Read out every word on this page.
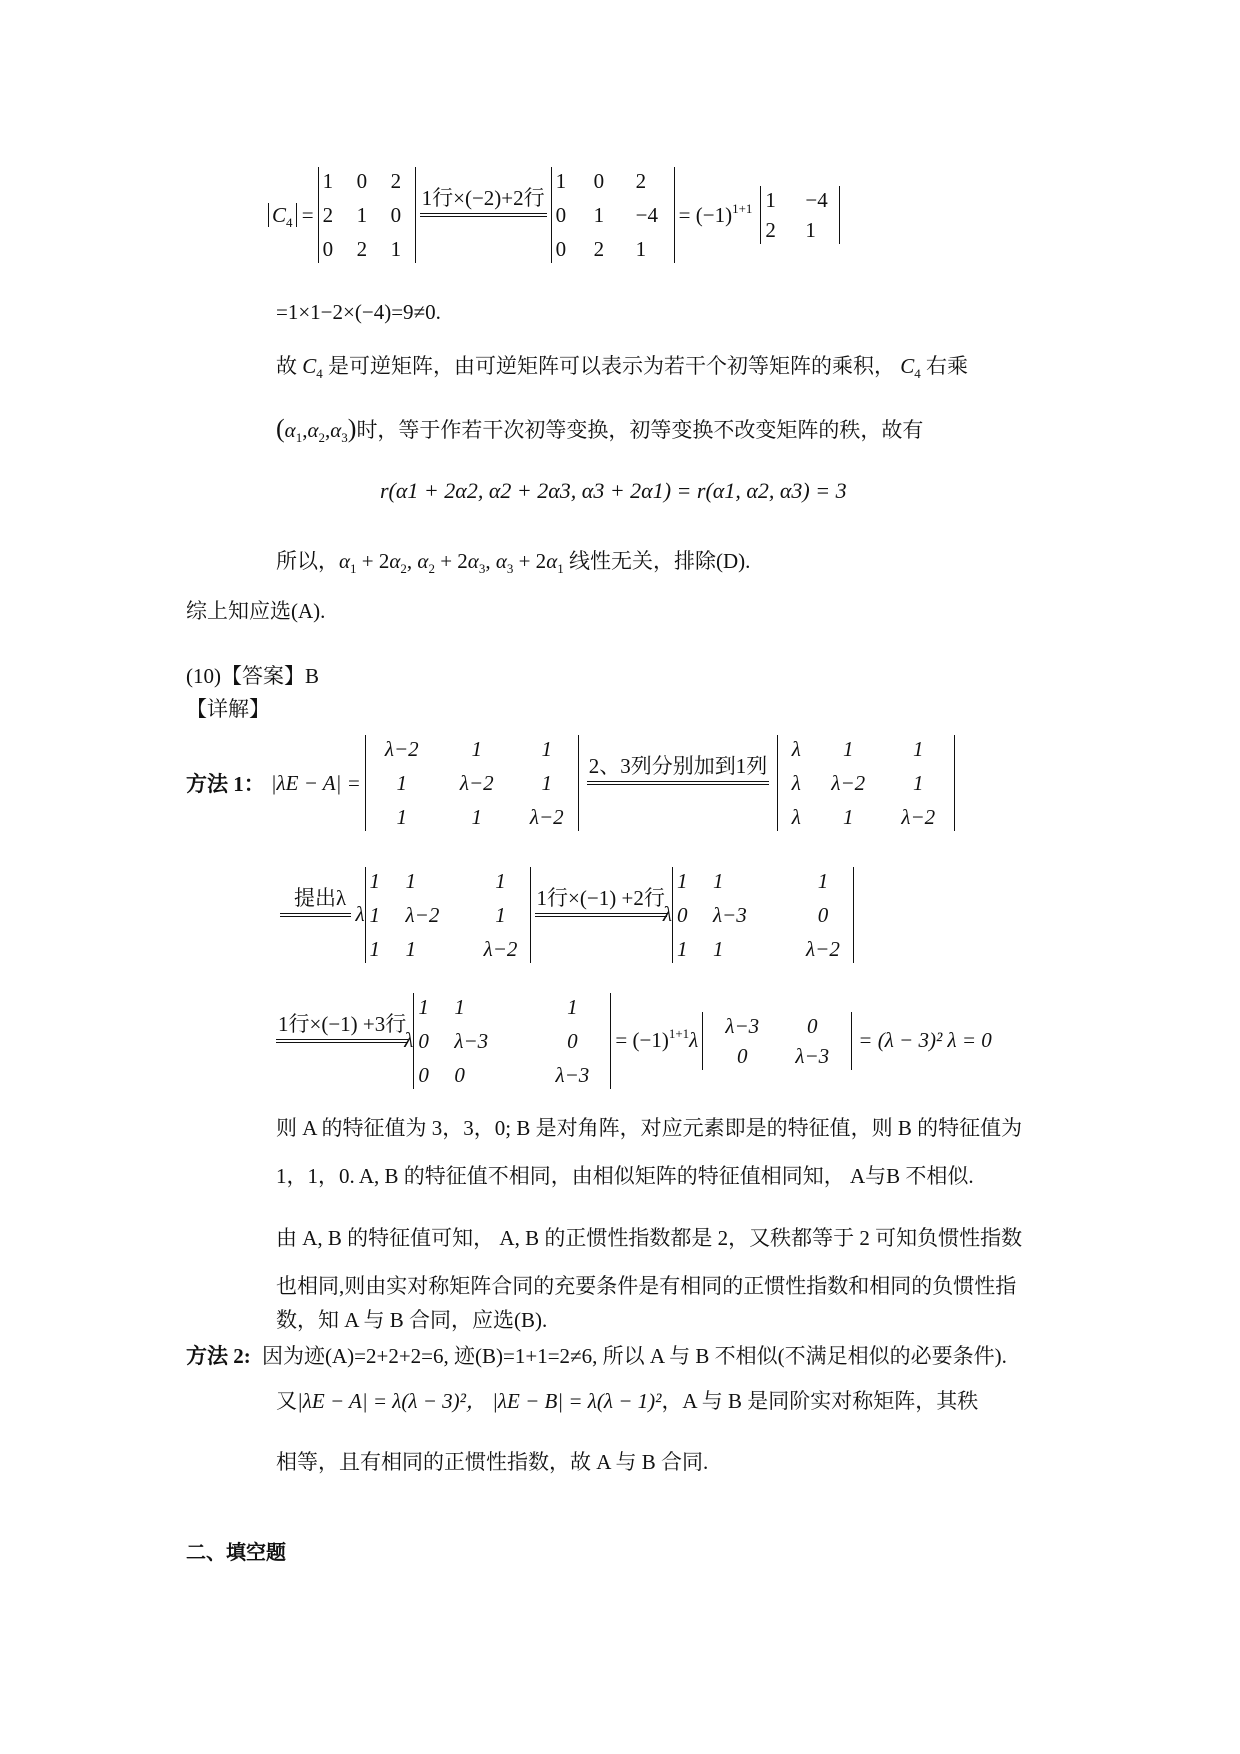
$C_4$ =
1	0	2
2	1	0
0	2	1
1行×(−2)+2行
1	0	2
0	1	−4
0	2	1
= $(-1)^{1+1}$ 1	−4
2	1
=1×1−2×(−4)=9≠0.
故 $C_4$ 是可逆矩阵，由可逆矩阵可以表示为若干个初等矩阵的乘积， $C_4$ 右乘
$(\alpha_1,\alpha_2,\alpha_3)$时，等于作若干次初等变换，初等变换不改变矩阵的秩，故有
r(α1 + 2α2, α2 + 2α3, α3 + 2α1) = r(α1, α2, α3) = 3
所以，$\alpha_1 + 2\alpha_2$, $\alpha_2 + 2\alpha_3$, $\alpha_3 + 2\alpha_1$ 线性无关，排除(D).
综上知应选(A).
(10)【答案】B
【详解】
方法 1： |λE − A| =
λ−2	1	1
1	λ−2	1
1	1	λ−2
2、3列分别加到1列
λ	1	1
λ	λ−2	1
λ	1	λ−2
提出λ
λ
1	1	1
1	λ−2	1
1	1	λ−2
1行×(−1) +2行
λ
1	1	1
0	λ−3	0
1	1	λ−2
1行×(−1) +3行
λ
1	1	1
0	λ−3	0
0	0	λ−3
= $(-1)^{1+1}\lambda$
λ−3	0
0	λ−3
= (λ − 3)² λ = 0
则 A 的特征值为 3，3，0; B 是对角阵，对应元素即是的特征值，则 B 的特征值为
1，1，0. A, B 的特征值不相同，由相似矩阵的特征值相同知， A与B 不相似.
由 A, B 的特征值可知， A, B 的正惯性指数都是 2，又秩都等于 2 可知负惯性指数
也相同,则由实对称矩阵合同的充要条件是有相同的正惯性指数和相同的负惯性指
数，知 A 与 B 合同，应选(B).
方法 2: 因为迹(A)=2+2+2=6, 迹(B)=1+1=2≠6, 所以 A 与 B 不相似(不满足相似的必要条件).
又|λE − A| = λ(λ − 3)²， |λE − B| = λ(λ − 1)²，A 与 B 是同阶实对称矩阵，其秩
相等，且有相同的正惯性指数，故 A 与 B 合同.
二、填空题
